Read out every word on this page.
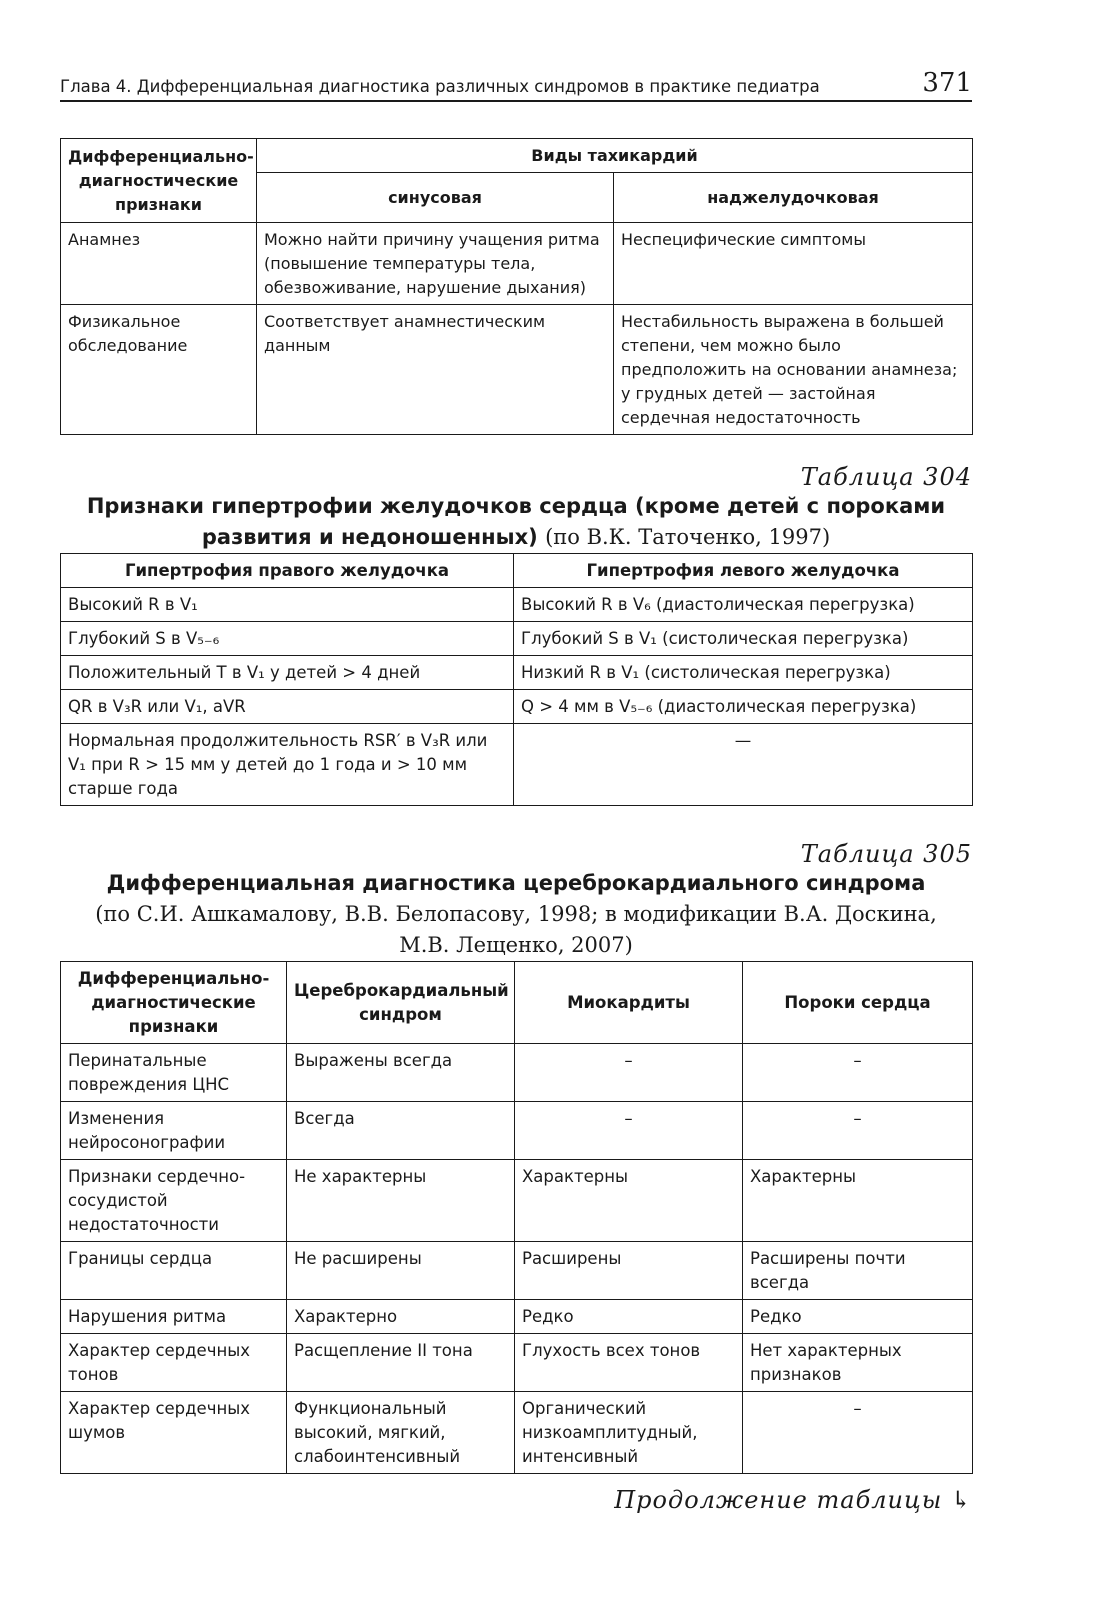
Глава 4. Дифференциальная диагностика различных синдромов в практике педиатра	371
Дифференциально-диагностические признаки	Виды тахикардий	
	синусовая	наджелудочковая
Анамнез	Можно найти причину учащения ритма (повышение температуры тела, обезвоживание, нарушение дыхания)	Неспецифические симптомы
Физикальное обследование	Соответствует анамнестическим данным	Нестабильность выражена в большей степени, чем можно было предположить на основании анамнеза; у грудных детей — застойная сердечная недостаточность

Таблица 304

Признаки гипертрофии желудочков сердца (кроме детей с пороками развития и недоношенных) (по В.К. Таточенко, 1997)

Гипертрофия правого желудочка	Гипертрофия левого желудочка
Высокий R в V₁	Высокий R в V₆ (диастолическая перегрузка)
Глубокий S в V₅₋₆	Глубокий S в V₁ (систолическая перегрузка)
Положительный T в V₁ у детей > 4 дней	Низкий R в V₁ (систолическая перегрузка)
QR в V₃R или V₁, aVR	Q > 4 мм в V₅₋₆ (диастолическая перегрузка)
Нормальная продолжительность RSR′ в V₃R или V₁ при R > 15 мм у детей до 1 года и > 10 мм старше года	—

Таблица 305

Дифференциальная диагностика цереброкардиального синдрома

(по С.И. Ашкамалову, В.В. Белопасову, 1998; в модификации В.А. Доскина,

М.В. Лещенко, 2007)

Дифференциально-диагностические признаки	Цереброкардиальный синдром	Миокардиты	Пороки сердца
Перинатальные повреждения ЦНС	Выражены всегда	–	–
Изменения нейросонографии	Всегда	–	–
Признаки сердечно-сосудистой недостаточности	Не характерны	Характерны	Характерны
Границы сердца	Не расширены	Расширены	Расширены почти всегда
Нарушения ритма	Характерно	Редко	Редко
Характер сердечных тонов	Расщепление II тона	Глухость всех тонов	Нет характерных признаков
Характер сердечных шумов	Функциональный высокий, мягкий, слабоинтенсивный	Органический низкоамплитудный, интенсивный	–
Продолжение таблицы ↳
